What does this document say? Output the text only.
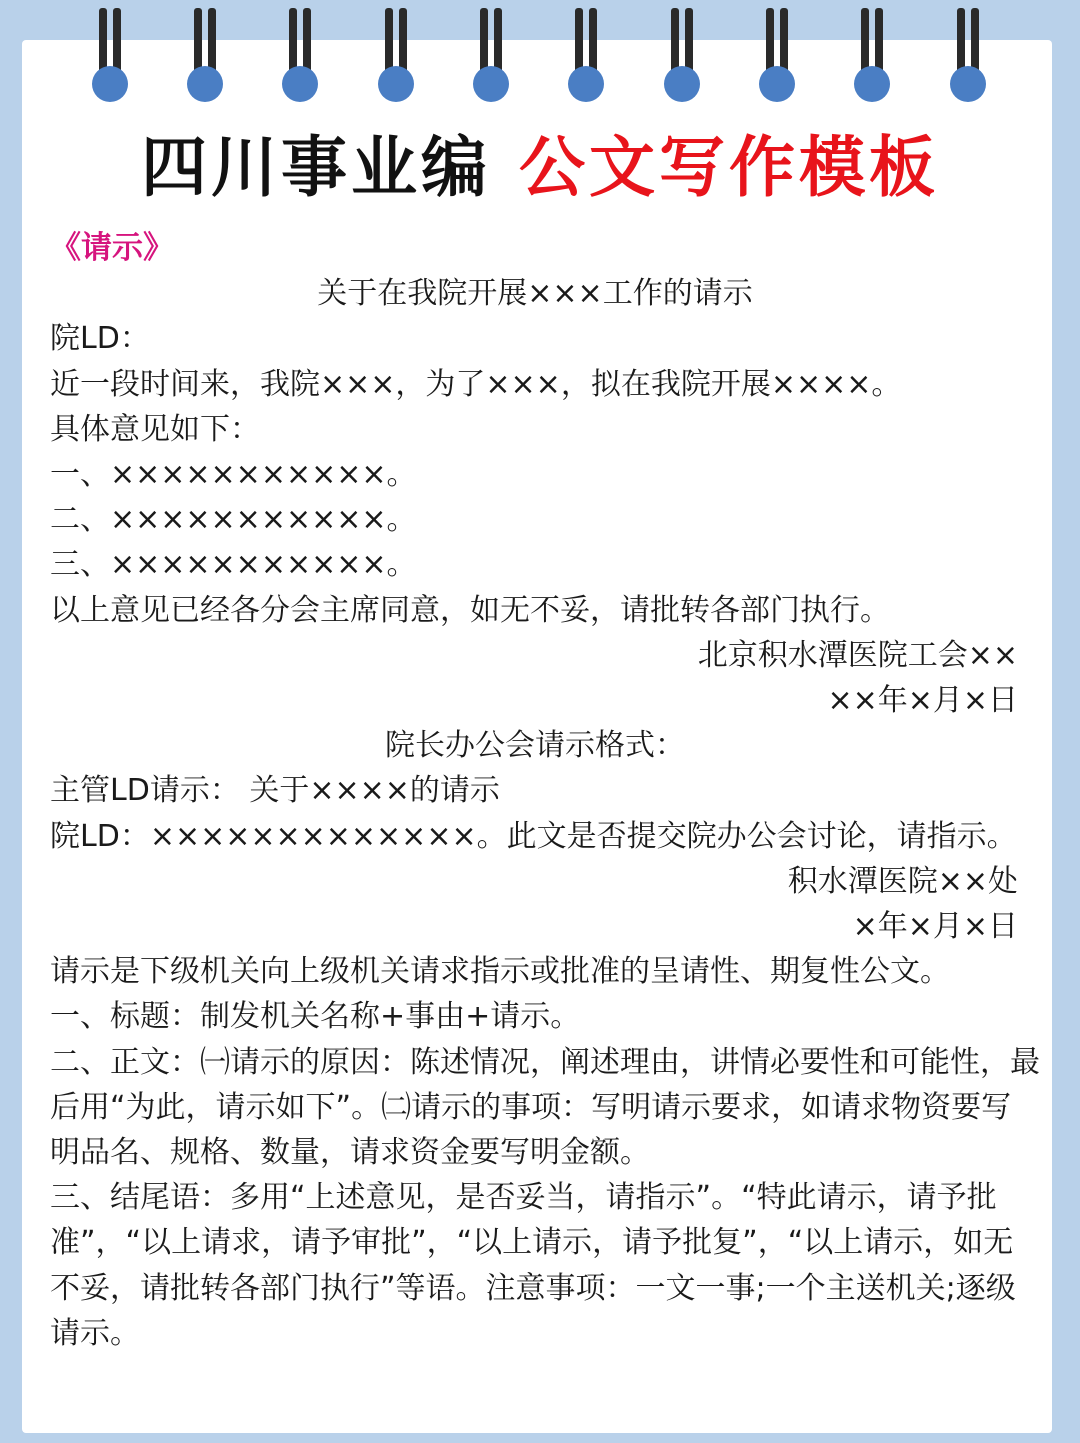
四川事业编 公文写作模板
《请示》
关于在我院开展×××工作的请示
院LD：
近一段时间来，我院×××，为了×××，拟在我院开展××××。
具体意见如下：
一、×××××××××××。
二、×××××××××××。
三、×××××××××××。
以上意见已经各分会主席同意，如无不妥，请批转各部门执行。
北京积水潭医院工会××
××年×月×日
院长办公会请示格式：
主管LD请示： 关于××××的请示
院LD：×××××××××××××。此文是否提交院办公会讨论，请指示。
积水潭医院××处
×年×月×日
请示是下级机关向上级机关请求指示或批准的呈请性、期复性公文。
一、标题：制发机关名称+事由+请示。
二、正文：㈠请示的原因：陈述情况，阐述理由，讲情必要性和可能性，最后用“为此，请示如下”。㈡请示的事项：写明请示要求，如请求物资要写明品名、规格、数量，请求资金要写明金额。
三、结尾语：多用“上述意见，是否妥当，请指示”。“特此请示，请予批准”，“以上请求，请予审批”，“以上请示，请予批复”，“以上请示，如无不妥，请批转各部门执行”等语。注意事项：一文一事;一个主送机关;逐级请示。
